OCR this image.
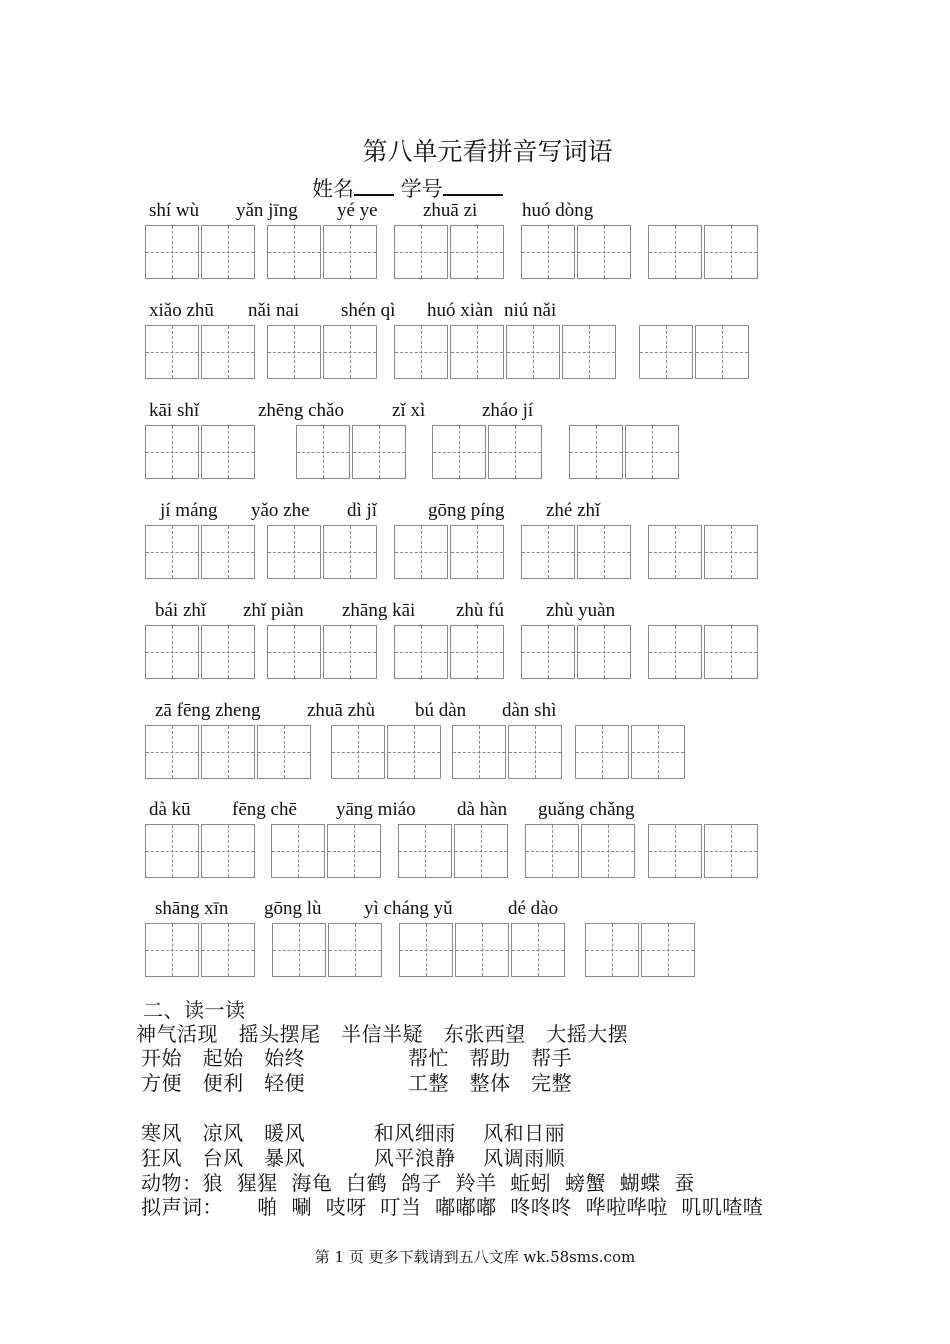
第八单元看拼音写词语
姓名 学号
shí wù yǎn jīng yé ye zhuā zi huó dòng
xiǎo zhū nǎi nai shén qì	niú nǎi
huó xiàn
kāi shǐ	zhēng chǎo	zǐ xì	zháo jí
jí máng yǎo zhe dì jǐ	gōng píng zhé zhǐ
bái zhǐ zhǐ piàn zhāng kāi zhù fú zhù yuàn
zā fēng zheng zhuā zhù bú dàn dàn shì
dà kū fēng chē yāng miáo dà hàn guǎng chǎng
shāng xīn gōng lù yì cháng yǔ	dé dào
二、读一读
神气活现   摇头摆尾   半信半疑   东张西望   大摇大摆
开始   起始   始终               帮忙   帮助   帮手
方便   便利   轻便               工整   整体   完整
寒风   凉风   暖风          和风细雨    风和日丽
狂风   台风   暴风          风平浪静    风调雨顺
动物：狼  猩猩  海龟  白鹤  鸽子  羚羊  蚯蚓  螃蟹  蝴蝶  蚕
拟声词：     啪  唰  吱呀  叮当  嘟嘟嘟  咚咚咚  哗啦哗啦  叽叽喳喳
第 1 页 更多下载请到五八文库 wk.58sms.com
